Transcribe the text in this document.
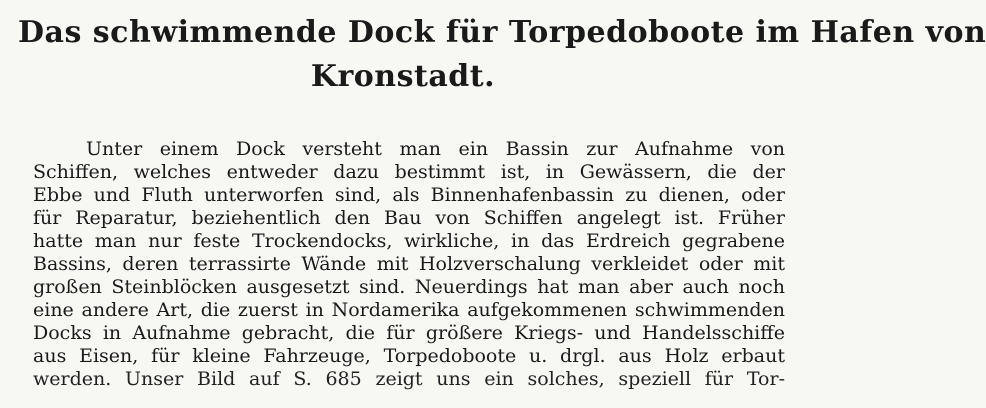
Das schwimmende Dock für Torpedoboote im Hafen von
Kronstadt.
Unter einem Dock versteht man ein Bassin zur Aufnahme von
Schiffen, welches entweder dazu bestimmt ist, in Gewässern, die der
Ebbe und Fluth unterworfen sind, als Binnenhafenbassin zu dienen, oder
für Reparatur, beziehentlich den Bau von Schiffen angelegt ist. Früher
hatte man nur feste Trockendocks, wirkliche, in das Erdreich gegrabene
Bassins, deren terrassirte Wände mit Holzverschalung verkleidet oder mit
großen Steinblöcken ausgesetzt sind. Neuerdings hat man aber auch noch
eine andere Art, die zuerst in Nordamerika aufgekommenen schwimmenden
Docks in Aufnahme gebracht, die für größere Kriegs- und Handelsschiffe
aus Eisen, für kleine Fahrzeuge, Torpedoboote u. drgl. aus Holz erbaut
werden. Unser Bild auf S. 685 zeigt uns ein solches, speziell für Tor-
